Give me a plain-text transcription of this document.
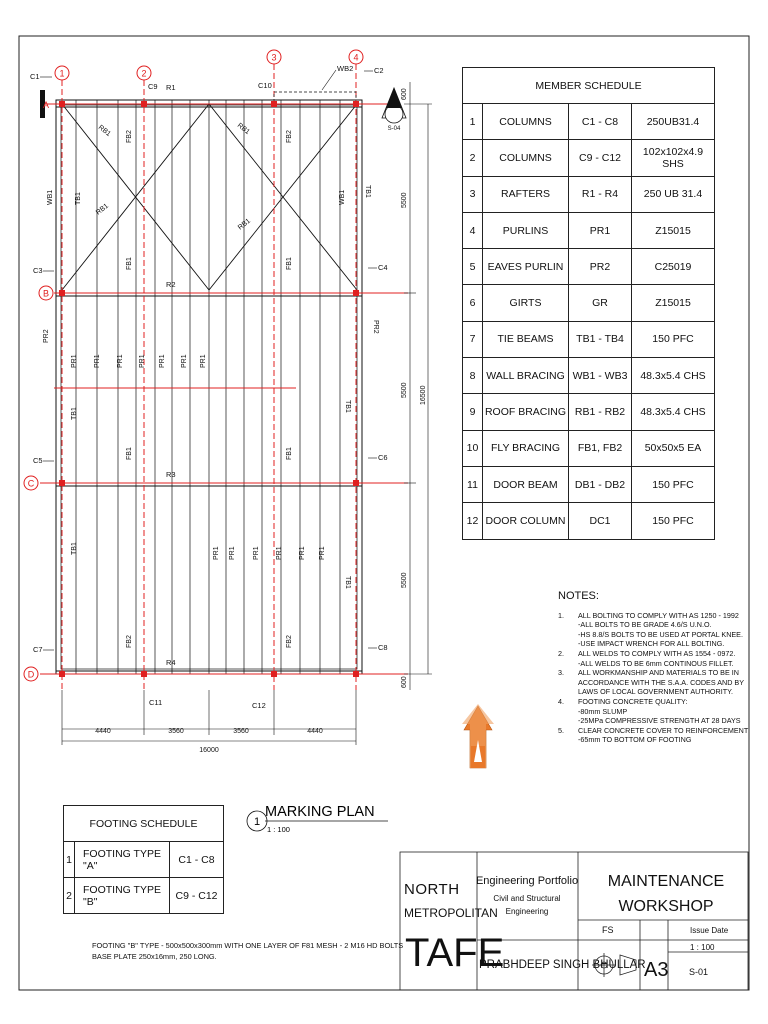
1	2
3	4
A
B
C
D
C1
C2
C3	C4
C5	C6
C7	C8
C9	C10
C11	C12
R1
R2
R3
R4
WB2
S-04
WB1	TB1	WB1	TB1
RB1
RB1
RB1
RB1
FB2	FB2
FB1	FB1
FB1	FB1
FB2	FB2
PR2
PR2
TB1
TB1
TB1
TB1
PR1 PR1 PR1 PR1 PR1 PR1 PR1
PR1 PR1 PR1 PR1 PR1 PR1
4440	3560	3560	4440
16000
600
5500
5500
5500
600
16500
1
MARKING PLAN
1 : 100
NORTH
METROPOLITAN
TAFE
Engineering Portfolio
Civil and Structural
Engineering
MAINTENANCE
WORKSHOP
PRABHDEEP SINGH BHULLAR
FS	Issue Date
1 : 100
A3 S-01
MEMBER SCHEDULE			
1	COLUMNS	C1 - C8	250UB31.4
2	COLUMNS	C9 - C12	102x102x4.9 SHS
3	RAFTERS	R1 - R4	250 UB 31.4
4	PURLINS	PR1	Z15015
5	EAVES PURLIN	PR2	C25019
6	GIRTS	GR	Z15015
7	TIE BEAMS	TB1 - TB4	150 PFC
8	WALL BRACING	WB1 - WB3	48.3x5.4 CHS
9	ROOF BRACING	RB1 - RB2	48.3x5.4 CHS
10	FLY BRACING	FB1, FB2	50x50x5 EA
11	DOOR BEAM	DB1 - DB2	150 PFC
12	DOOR COLUMN	DC1	150 PFC
NOTES:
1.	ALL BOLTING TO COMPLY WITH AS 1250 - 1992
-ALL BOLTS TO BE GRADE 4.6/S U.N.O.
-HS 8.8/S BOLTS TO BE USED AT PORTAL KNEE.
-USE IMPACT WRENCH FOR ALL BOLTING.
2.	ALL WELDS TO COMPLY WITH AS 1554 - 0972.
-ALL WELDS TO BE 6mm CONTINOUS FILLET.
3.	ALL WORKMANSHIP AND MATERIALS TO BE IN
ACCORDANCE WITH THE S.A.A. CODES AND BY
LAWS OF LOCAL GOVERNMENT AUTHORITY.
4.	FOOTING CONCRETE QUALITY:
-80mm SLUMP
-25MPa COMPRESSIVE STRENGTH AT 28 DAYS
5.	CLEAR CONCRETE COVER TO REINFORCEMENT
-65mm TO BOTTOM OF FOOTING
FOOTING SCHEDULE		
1	FOOTING TYPE "A"	C1 - C8
2	FOOTING TYPE "B"	C9 - C12
FOOTING "B" TYPE - 500x500x300mm WITH ONE LAYER OF F81 MESH - 2 M16 HD BOLTS
BASE PLATE 250x16mm, 250 LONG.
